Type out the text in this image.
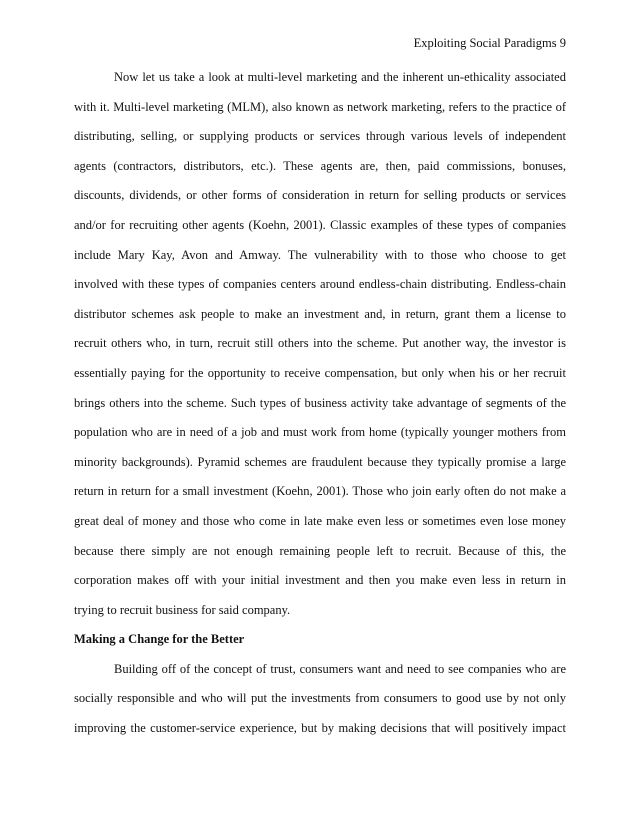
Exploiting Social Paradigms 9
Now let us take a look at multi-level marketing and the inherent un-ethicality associated
with it. Multi-level marketing (MLM), also known as network marketing, refers to the practice of
distributing, selling, or supplying products or services through various levels of independent
agents (contractors, distributors, etc.). These agents are, then, paid commissions, bonuses,
discounts, dividends, or other forms of consideration in return for selling products or services
and/or for recruiting other agents (Koehn, 2001). Classic examples of these types of companies
include Mary Kay, Avon and Amway. The vulnerability with to those who choose to get
involved with these types of companies centers around endless-chain distributing. Endless-chain
distributor schemes ask people to make an investment and, in return, grant them a license to
recruit others who, in turn, recruit still others into the scheme. Put another way, the investor is
essentially paying for the opportunity to receive compensation, but only when his or her recruit
brings others into the scheme. Such types of business activity take advantage of segments of the
population who are in need of a job and must work from home (typically younger mothers from
minority backgrounds). Pyramid schemes are fraudulent because they typically promise a large
return in return for a small investment (Koehn, 2001). Those who join early often do not make a
great deal of money and those who come in late make even less or sometimes even lose money
because there simply are not enough remaining people left to recruit. Because of this, the
corporation makes off with your initial investment and then you make even less in return in
trying to recruit business for said company.
Making a Change for the Better
Building off of the concept of trust, consumers want and need to see companies who are
socially responsible and who will put the investments from consumers to good use by not only
improving the customer-service experience, but by making decisions that will positively impact
